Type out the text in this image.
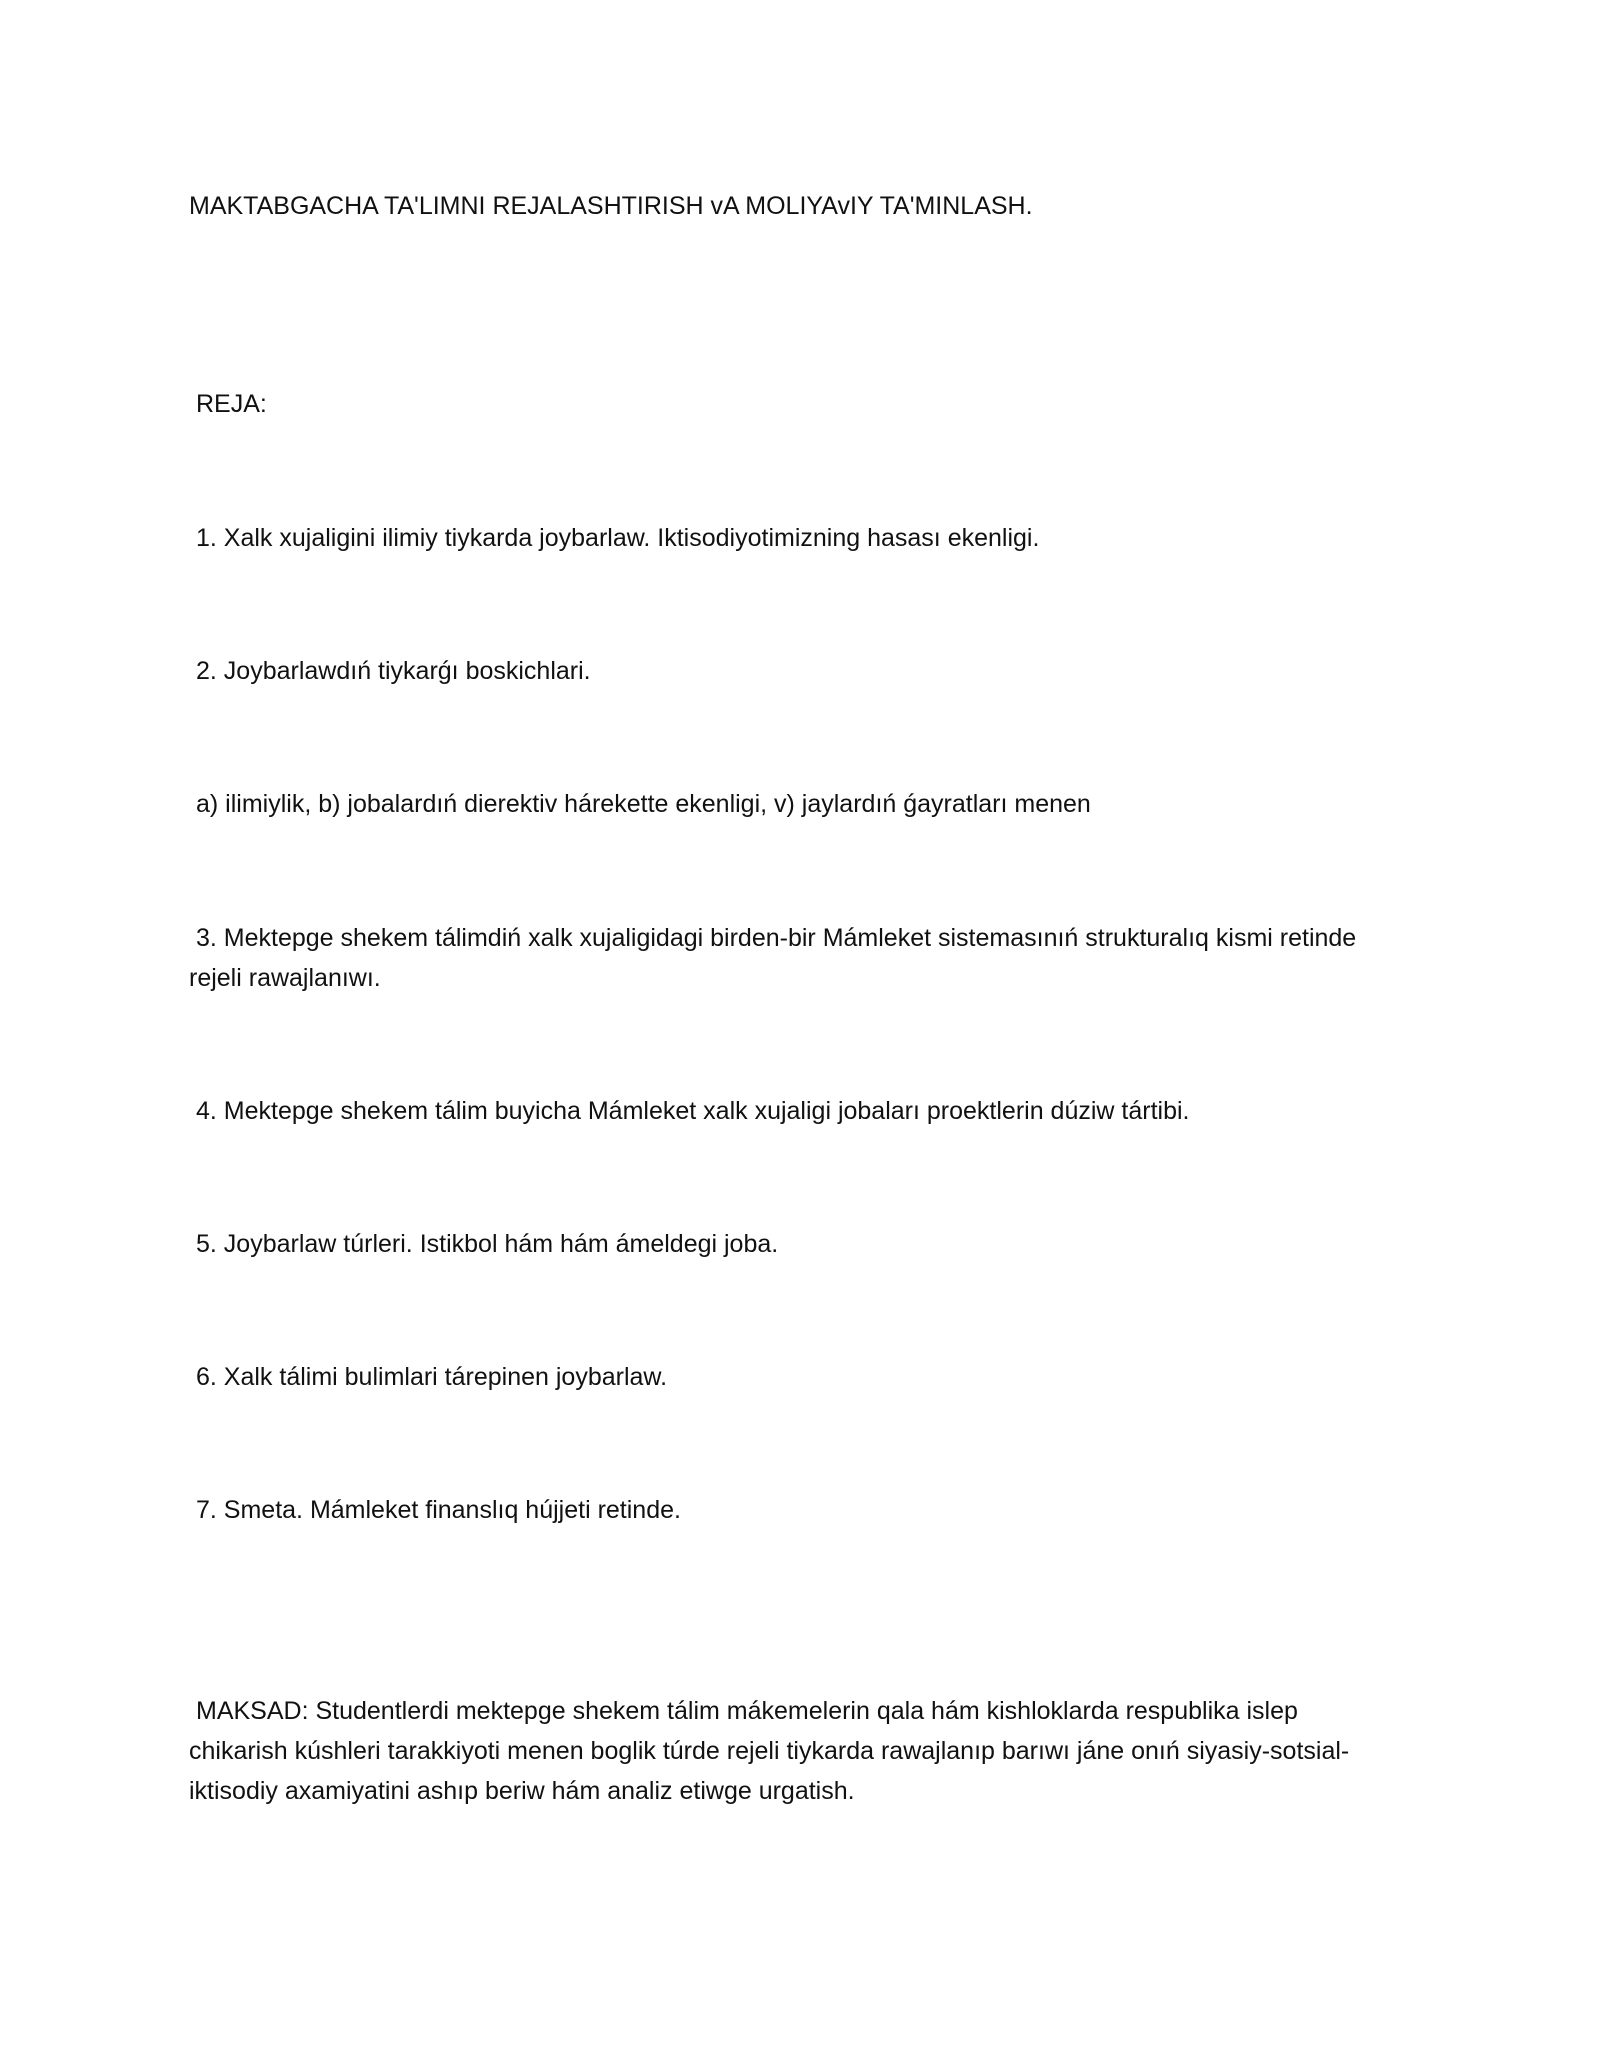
MAKTABGACHA TA'LIMNI REJALASHTIRISH vA MOLIYAvIY TA'MINLASH.
REJA:
1. Xalk xujaligini ilimiy tiykarda joybarlaw. Iktisodiyotimizning hasası ekenligi.
2. Joybarlawdıń tiykarǵı boskichlari.
a) ilimiylik, b) jobalardıń dierektiv hárekette ekenligi, v) jaylardıń ǵayratları menen
3. Mektepge shekem tálimdiń xalk xujaligidagi birden-bir Mámleket sistemasınıń strukturalıq kismi retinde rejeli rawajlanıwı.
4. Mektepge shekem tálim buyicha Mámleket xalk xujaligi jobaları proektlerin dúziw tártibi.
5. Joybarlaw túrleri. Istikbol hám hám ámeldegi joba.
6. Xalk tálimi bulimlari tárepinen joybarlaw.
7. Smeta. Mámleket finanslıq hújjeti retinde.
MAKSAD: Studentlerdi mektepge shekem tálim mákemelerin qala hám kishloklarda respublika islep chikarish kúshleri tarakkiyoti menen boglik túrde rejeli tiykarda rawajlanıp barıwı jáne onıń siyasiy-sotsial-iktisodiy axamiyatini ashıp beriw hám analiz etiwge urgatish.
